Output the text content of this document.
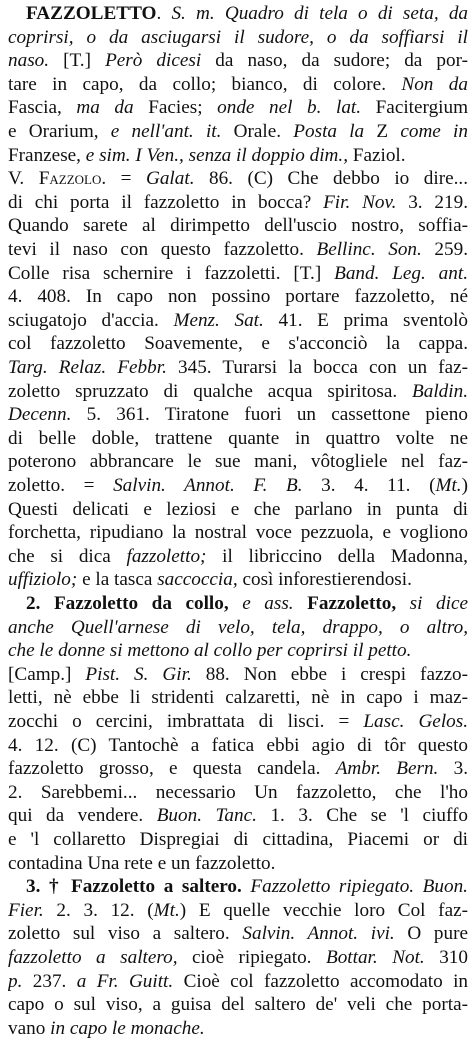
FAZZOLETTO. S. m. Quadro di tela o di seta, da
coprirsi, o da asciugarsi il sudore, o da soffiarsi il
naso. [T.] Però dicesi da naso, da sudore; da por-
tare in capo, da collo; bianco, di colore. Non da
Fascia, ma da Facies; onde nel b. lat. Facitergium
e Orarium, e nell'ant. it. Orale. Posta la Z come in
Franzese, e sim. I Ven., senza il doppio dim., Faziol.
V. Fazzolo. = Galat. 86. (C) Che debbo io dire...
di chi porta il fazzoletto in bocca? Fir. Nov. 3. 219.
Quando sarete al dirimpetto dell'uscio nostro, soffia-
tevi il naso con questo fazzoletto. Bellinc. Son. 259.
Colle risa schernire i fazzoletti. [T.] Band. Leg. ant.
4. 408. In capo non possino portare fazzoletto, né
sciugatojo d'accia. Menz. Sat. 41. E prima sventolò
col fazzoletto Soavemente, e s'acconciò la cappa.
Targ. Relaz. Febbr. 345. Turarsi la bocca con un faz-
zoletto spruzzato di qualche acqua spiritosa. Baldin.
Decenn. 5. 361. Tiratone fuori un cassettone pieno
di belle doble, trattene quante in quattro volte ne
poterono abbrancare le sue mani, vôtogliele nel faz-
zoletto. = Salvin. Annot. F. B. 3. 4. 11. (Mt.)
Questi delicati e leziosi e che parlano in punta di
forchetta, ripudiano la nostral voce pezzuola, e vogliono
che si dica fazzoletto; il libriccino della Madonna,
uffiziolo; e la tasca saccoccia, così inforestierendosi.
2. Fazzoletto da collo, e ass. Fazzoletto, si dice
anche Quell'arnese di velo, tela, drappo, o altro,
che le donne si mettono al collo per coprirsi il petto.
[Camp.] Pist. S. Gir. 88. Non ebbe i crespi fazzo-
letti, nè ebbe li stridenti calzaretti, nè in capo i maz-
zocchi o cercini, imbrattata di lisci. = Lasc. Gelos.
4. 12. (C) Tantochè a fatica ebbi agio di tôr questo
fazzoletto grosso, e questa candela. Ambr. Bern. 3.
2. Sarebbemi... necessario Un fazzoletto, che l'ho
qui da vendere. Buon. Tanc. 1. 3. Che se 'l ciuffo
e 'l collaretto Dispregiai di cittadina, Piacemi or di
contadina Una rete e un fazzoletto.
3. † Fazzoletto a saltero. Fazzoletto ripiegato. Buon.
Fier. 2. 3. 12. (Mt.) E quelle vecchie loro Col faz-
zoletto sul viso a saltero. Salvin. Annot. ivi. O pure
fazzoletto a saltero, cioè ripiegato. Bottar. Not. 310
p. 237. a Fr. Guitt. Cioè col fazzoletto accomodato in
capo o sul viso, a guisa del saltero de' veli che porta-
vano in capo le monache.
